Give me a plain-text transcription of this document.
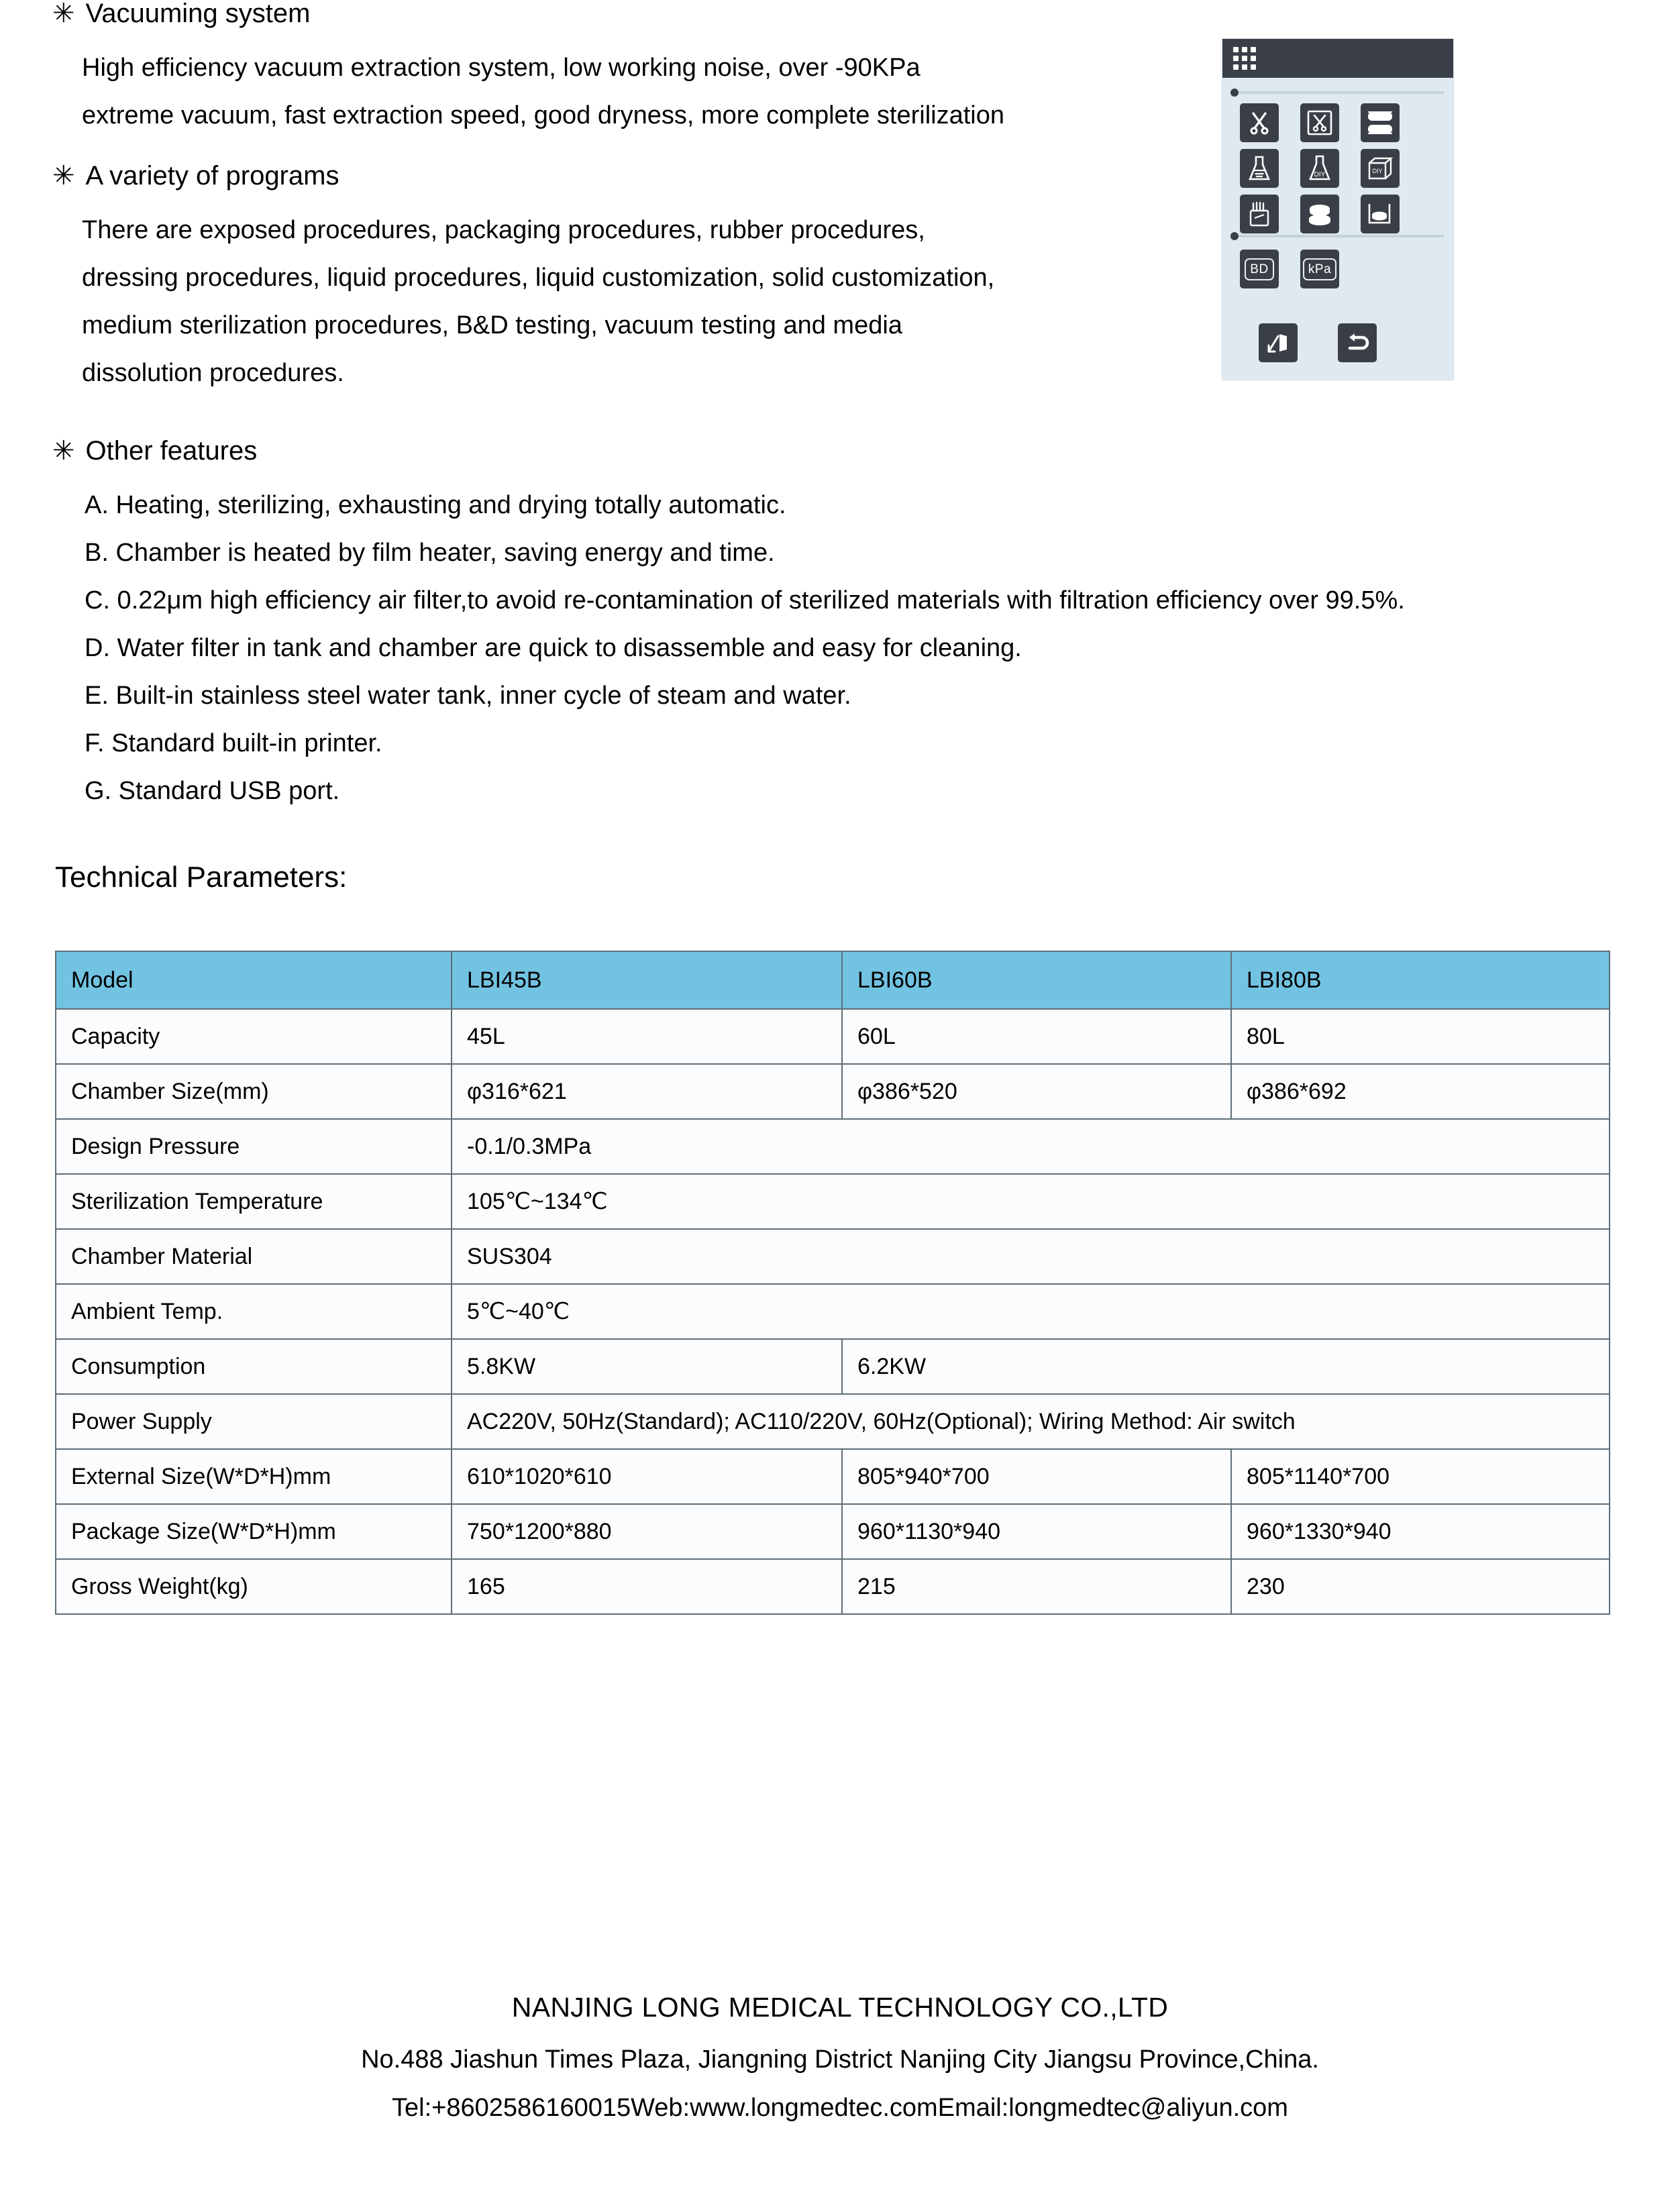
✳ Vacuuming system

High efficiency vacuum extraction system, low working noise, over -90KPa
extreme vacuum, fast extraction speed, good dryness, more complete sterilization

✳ A variety of programs

There are exposed procedures, packaging procedures, rubber procedures,
dressing procedures, liquid procedures, liquid customization, solid customization,
medium sterilization procedures, B&D testing, vacuum testing and media
dissolution procedures.

✳ Other features

A. Heating, sterilizing, exhausting and drying totally automatic.
B. Chamber is heated by film heater, saving energy and time.
C. 0.22μm high efficiency air filter,to avoid re-contamination of sterilized materials with filtration efficiency over 99.5%.
D. Water filter in tank and chamber are quick to disassemble and easy for cleaning.
E. Built-in stainless steel water tank, inner cycle of steam and water.
F. Standard built-in printer.
G. Standard USB port.

DIY	DIY
BD	kPa
Technical Parameters:
Model	LBI45B	LBI60B	LBI80B
Capacity	45L	60L	80L
Chamber Size(mm)	φ316*621	φ386*520	φ386*692
Design Pressure	-0.1/0.3MPa		
Sterilization Temperature	105℃~134℃		
Chamber Material	SUS304		
Ambient Temp.	5℃~40℃		
Consumption	5.8KW	6.2KW	
Power Supply	AC220V, 50Hz(Standard); AC110/220V, 60Hz(Optional); Wiring Method: Air switch		
External Size(W*D*H)mm	610*1020*610	805*940*700	805*1140*700
Package Size(W*D*H)mm	750*1200*880	960*1130*940	960*1330*940
Gross Weight(kg)	165	215	230

NANJING LONG MEDICAL TECHNOLOGY CO.,LTD

No.488 Jiashun Times Plaza, Jiangning District Nanjing City Jiangsu Province,China.

Tel:+8602586160015Web:www.longmedtec.comEmail:longmedtec@aliyun.com
